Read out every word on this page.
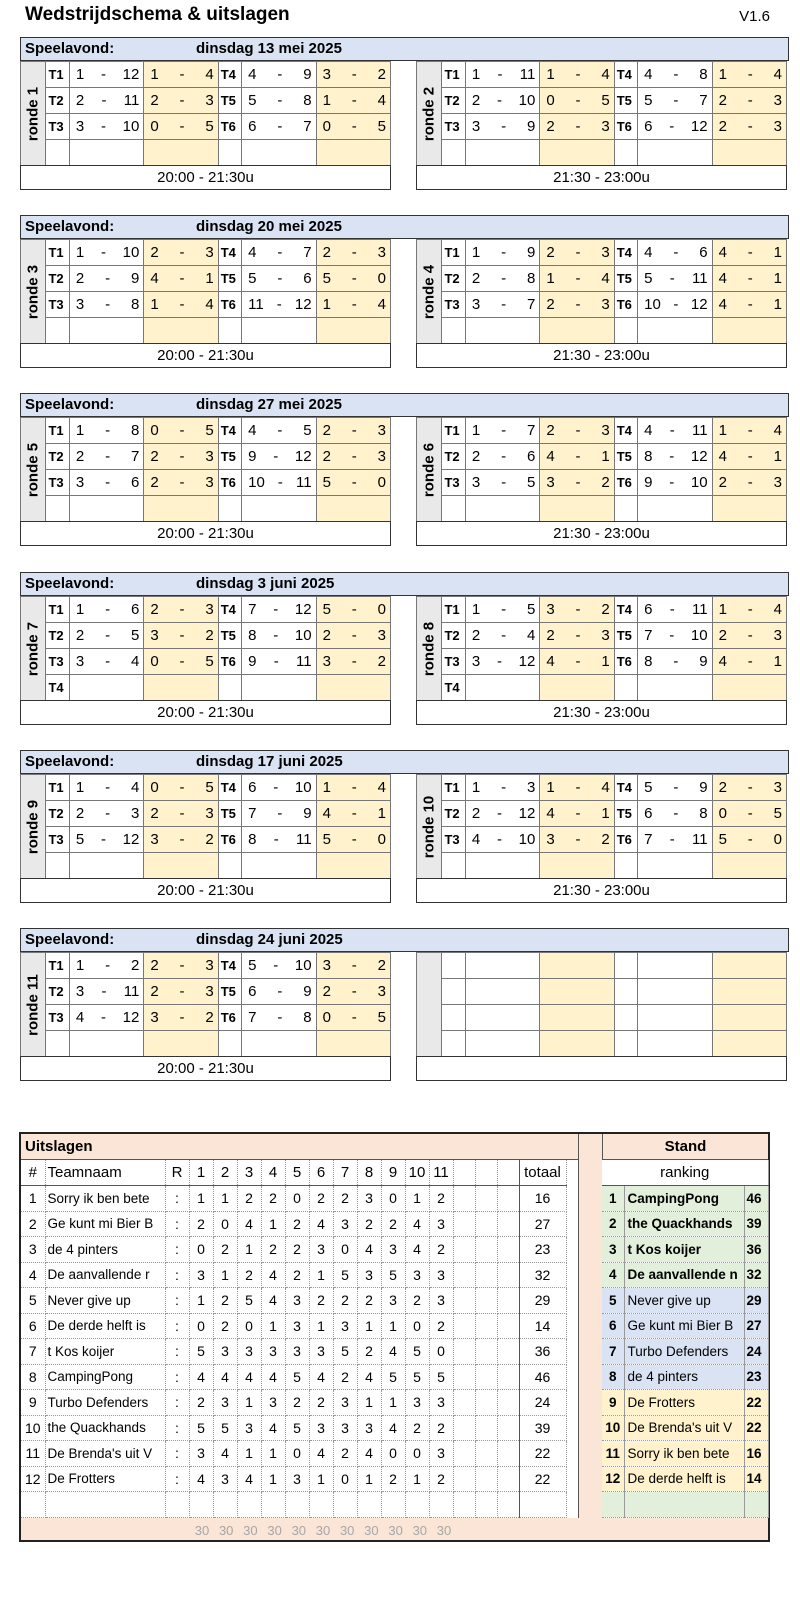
Wedstrijdschema & uitslagen	V1.6
Speelavond:	dinsdag 13 mei 2025
ronde 1	T1	1 - 12	1 - 4	T4	4 - 9	3 - 2

	T2	2 - 11	2 - 3	T5	5 - 8	1 - 4

	T3	3 - 10	0 - 5	T6	6 - 7	0 - 5

20:00 - 21:30u
ronde 2	T1	1 - 11	1 - 4	T4	4 - 8	1 - 4

	T2	2 - 10	0 - 5	T5	5 - 7	2 - 3

	T3	3 - 9	2 - 3	T6	6 - 12	2 - 3

21:30 - 23:00u
Speelavond:	dinsdag 20 mei 2025
ronde 3	T1	1 - 10	2 - 3	T4	4 - 7	2 - 3

	T2	2 - 9	4 - 1	T5	5 - 6	5 - 0

	T3	3 - 8	1 - 4	T6	11 - 12	1 - 4

20:00 - 21:30u
ronde 4	T1	1 - 9	2 - 3	T4	4 - 6	4 - 1

	T2	2 - 8	1 - 4	T5	5 - 11	4 - 1

	T3	3 - 7	2 - 3	T6	10 - 12	4 - 1

21:30 - 23:00u
Speelavond:	dinsdag 27 mei 2025
ronde 5	T1	1 - 8	0 - 5	T4	4 - 5	2 - 3

	T2	2 - 7	2 - 3	T5	9 - 12	2 - 3

	T3	3 - 6	2 - 3	T6	10 - 11	5 - 0

20:00 - 21:30u
ronde 6	T1	1 - 7	2 - 3	T4	4 - 11	1 - 4

	T2	2 - 6	4 - 1	T5	8 - 12	4 - 1

	T3	3 - 5	3 - 2	T6	9 - 10	2 - 3

21:30 - 23:00u
Speelavond:	dinsdag 3 juni 2025
ronde 7	T1	1 - 6	2 - 3	T4	7 - 12	5 - 0

	T2	2 - 5	3 - 2	T5	8 - 10	2 - 3

	T3	3 - 4	0 - 5	T6	9 - 11	3 - 2

	T4	

20:00 - 21:30u
ronde 8	T1	1 - 5	3 - 2	T4	6 - 11	1 - 4

	T2	2 - 4	2 - 3	T5	7 - 10	2 - 3

	T3	3 - 12	4 - 1	T6	8 - 9	4 - 1

	T4	

21:30 - 23:00u
Speelavond:	dinsdag 17 juni 2025
ronde 9	T1	1 - 4	0 - 5	T4	6 - 10	1 - 4

	T2	2 - 3	2 - 3	T5	7 - 9	4 - 1

	T3	5 - 12	3 - 2	T6	8 - 11	5 - 0

20:00 - 21:30u
ronde 10	T1	1 - 3	1 - 4	T4	5 - 9	2 - 3

	T2	2 - 12	4 - 1	T5	6 - 8	0 - 5

	T3	4 - 10	3 - 2	T6	7 - 11	5 - 0

21:30 - 23:00u
Speelavond:	dinsdag 24 juni 2025
ronde 11	T1	1 - 2	2 - 3	T4	5 - 10	3 - 2

	T2	3 - 11	2 - 3	T5	6 - 9	2 - 3

	T3	4 - 12	3 - 2	T6	7 - 8	0 - 5

20:00 - 21:30u

Uitslagen	Stand
#	Teamnaam	R	1	2	3	4	5	6	7	8	9	10	11				totaal
1	Sorry ik ben bete	:	1	1	2	2	0	2	2	3	0	1	2				16
2	Ge kunt mi Bier B	:	2	0	4	1	2	4	3	2	2	4	3				27
3	de 4 pinters	:	0	2	1	2	2	3	0	4	3	4	2				23
4	De aanvallende r	:	3	1	2	4	2	1	5	3	5	3	3				32
5	Never give up	:	1	2	5	4	3	2	2	2	3	2	3				29
6	De derde helft is	:	0	2	0	1	3	1	3	1	1	0	2				14
7	t Kos koijer	:	5	3	3	3	3	3	5	2	4	5	0				36
8	CampingPong	:	4	4	4	4	5	4	2	4	5	5	5				46
9	Turbo Defenders	:	2	3	1	3	2	2	3	1	1	3	3				24
10	the Quackhands	:	5	5	3	4	5	3	3	3	4	2	2				39
11	De Brenda's uit V	:	3	4	1	1	0	4	2	4	0	0	3				22
12	De Frotters	:	4	3	4	1	3	1	0	1	2	1	2				22

ranking		
1	CampingPong	46
2	the Quackhands	39
3	t Kos koijer	36
4	De aanvallende n	32
5	Never give up	29
6	Ge kunt mi Bier B	27
7	Turbo Defenders	24
8	de 4 pinters	23
9	De Frotters	22
10	De Brenda's uit V	22
11	Sorry ik ben bete	16
12	De derde helft is	14

30 30 30 30 30 30 30 30 30 30 30
